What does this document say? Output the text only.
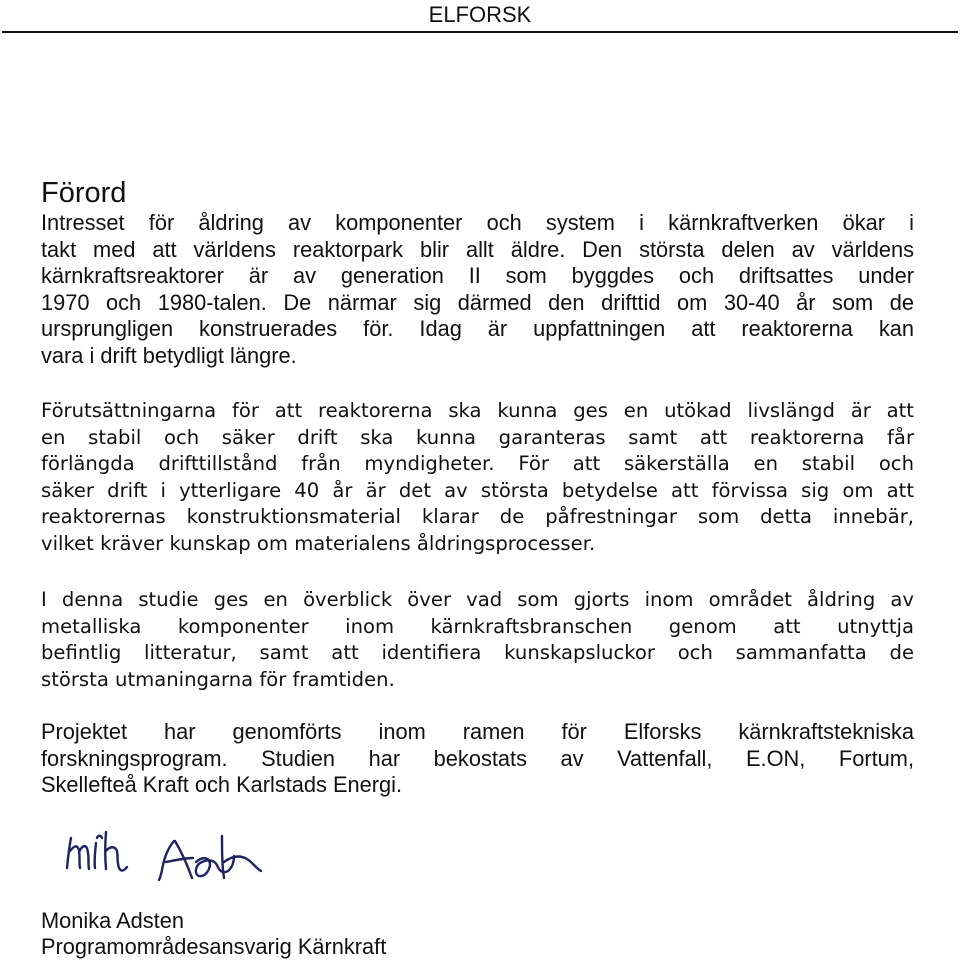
ELFORSK
Förord
Intresset för åldring av komponenter och system i kärnkraftverken ökar i
takt med att världens reaktorpark blir allt äldre. Den största delen av världens
kärnkraftsreaktorer är av generation II som byggdes och driftsattes under
1970 och 1980-talen. De närmar sig därmed den drifttid om 30-40 år som de
ursprungligen konstruerades för. Idag är uppfattningen att reaktorerna kan
vara i drift betydligt längre.
Förutsättningarna för att reaktorerna ska kunna ges en utökad livslängd är att
en stabil och säker drift ska kunna garanteras samt att reaktorerna får
förlängda drifttillstånd från myndigheter. För att säkerställa en stabil och
säker drift i ytterligare 40 år är det av största betydelse att förvissa sig om att
reaktorernas konstruktionsmaterial klarar de påfrestningar som detta innebär,
vilket kräver kunskap om materialens åldringsprocesser.
I denna studie ges en överblick över vad som gjorts inom området åldring av
metalliska komponenter inom kärnkraftsbranschen genom att utnyttja
befintlig litteratur, samt att identifiera kunskapsluckor och sammanfatta de
största utmaningarna för framtiden.
Projektet har genomförts inom ramen för Elforsks kärnkraftstekniska
forskningsprogram. Studien har bekostats av Vattenfall, E.ON, Fortum,
Skellefteå Kraft och Karlstads Energi.
Monika Adsten
Programområdesansvarig Kärnkraft
